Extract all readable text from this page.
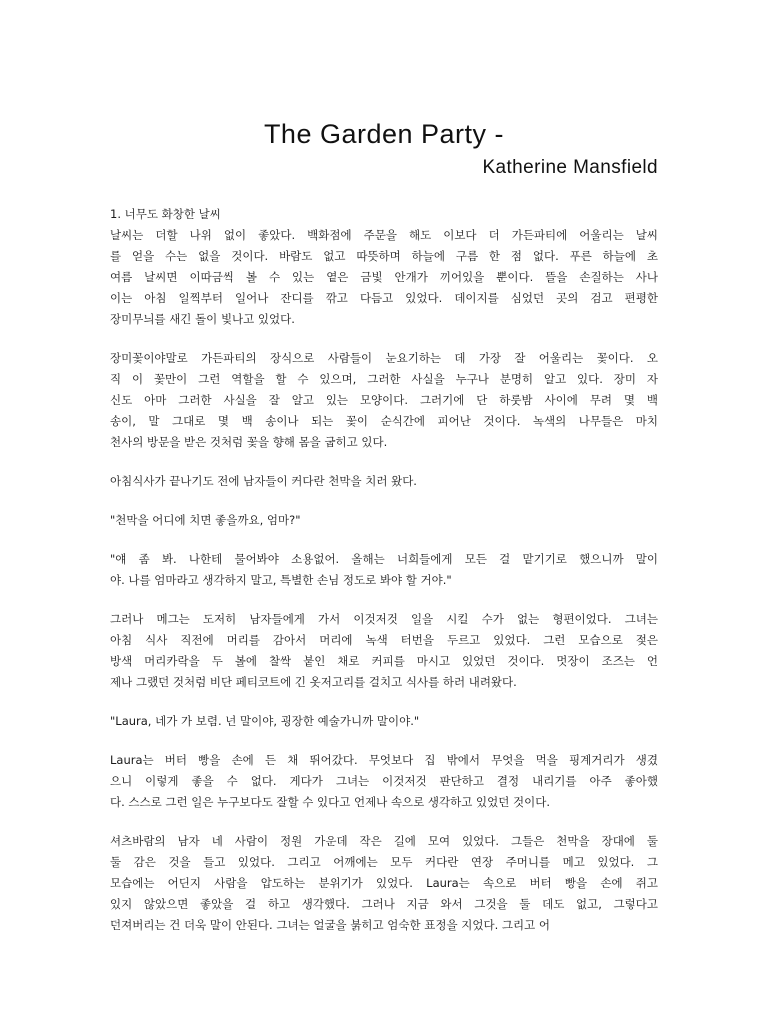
The Garden Party -
Katherine Mansfield
1. 너무도 화창한 날씨
날씨는 더할 나위 없이 좋았다. 백화점에 주문을 해도 이보다 더 가든파티에 어울리는 날씨
를 얻을 수는 없을 것이다. 바람도 없고 따뜻하며 하늘에 구름 한 점 없다. 푸른 하늘에 초
여름 날씨면 이따금씩 볼 수 있는 옅은 금빛 안개가 끼어있을 뿐이다. 뜰을 손질하는 사나
이는 아침 일찍부터 일어나 잔디를 깎고 다듬고 있었다. 데이지를 심었던 곳의 검고 편평한
장미무늬를 새긴 돌이 빛나고 있었다.
장미꽃이야말로 가든파티의 장식으로 사람들이 눈요기하는 데 가장 잘 어울리는 꽃이다. 오
직 이 꽃만이 그런 역할을 할 수 있으며, 그러한 사실을 누구나 분명히 알고 있다. 장미 자
신도 아마 그러한 사실을 잘 알고 있는 모양이다. 그러기에 단 하룻밤 사이에 무려 몇 백
송이, 말 그대로 몇 백 송이나 되는 꽃이 순식간에 피어난 것이다. 녹색의 나무들은 마치
천사의 방문을 받은 것처럼 꽃을 향해 몸을 굽히고 있다.
아침식사가 끝나기도 전에 남자들이 커다란 천막을 치러 왔다.
"천막을 어디에 치면 좋을까요, 엄마?"
"얘 좀 봐. 나한테 물어봐야 소용없어. 올해는 너희들에게 모든 걸 맡기기로 했으니까 말이
야. 나를 엄마라고 생각하지 말고, 특별한 손님 정도로 봐야 할 거야."
그러나 메그는 도저히 남자들에게 가서 이것저것 일을 시킬 수가 없는 형편이었다. 그녀는
아침 식사 직전에 머리를 감아서 머리에 녹색 터번을 두르고 있었다. 그런 모습으로 젖은
방색 머리카락을 두 볼에 찰싹 붙인 채로 커피를 마시고 있었던 것이다. 멋장이 조즈는 언
제나 그랬던 것처럼 비단 페티코트에 긴 옷저고리를 걸치고 식사를 하러 내려왔다.
"Laura, 네가 가 보렴. 넌 말이야, 굉장한 예술가니까 말이야."
Laura는 버터 빵을 손에 든 채 뛰어갔다. 무엇보다 집 밖에서 무엇을 먹을 핑계거리가 생겼
으니 이렇게 좋을 수 없다. 게다가 그녀는 이것저것 판단하고 결정 내리기를 아주 좋아했
다. 스스로 그런 일은 누구보다도 잘할 수 있다고 언제나 속으로 생각하고 있었던 것이다.
셔츠바람의 남자 네 사람이 정원 가운데 작은 길에 모여 있었다. 그들은 천막을 장대에 둘
둘 감은 것을 들고 있었다. 그리고 어깨에는 모두 커다란 연장 주머니를 메고 있었다. 그
모습에는 어딘지 사람을 압도하는 분위기가 있었다. Laura는 속으로 버터 빵을 손에 쥐고
있지 않았으면 좋았을 걸 하고 생각했다. 그러나 지금 와서 그것을 둘 데도 없고, 그렇다고
던져버리는 건 더욱 말이 안된다. 그녀는 얼굴을 붉히고 엄숙한 표정을 지었다. 그리고 어
